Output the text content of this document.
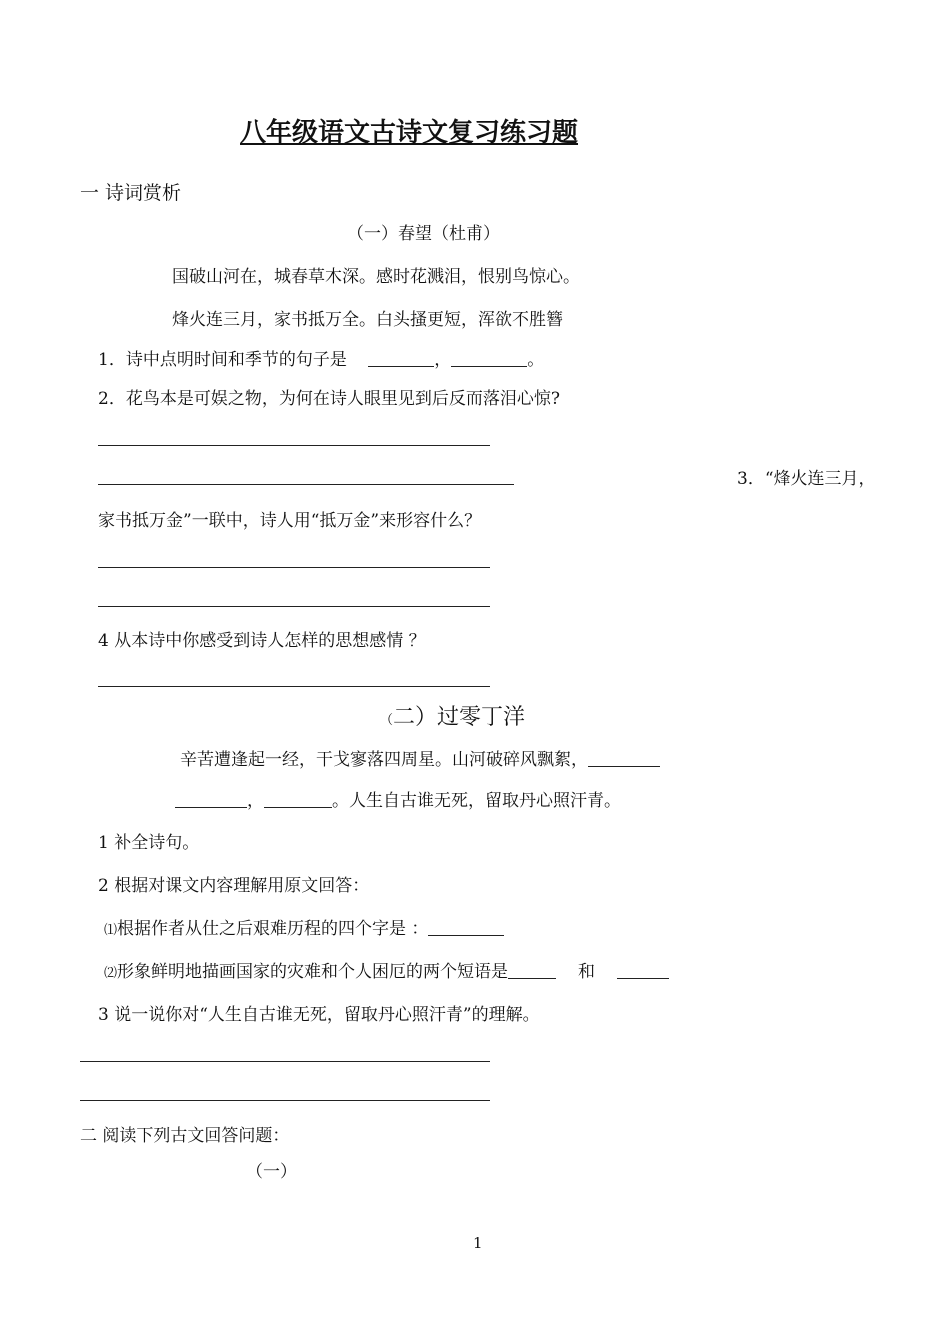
八年级语文古诗文复习练习题
一 诗词赏析
（一）春望（杜甫）
国破山河在，城春草木深。感时花溅泪，恨别鸟惊心。
烽火连三月，家书抵万全。白头搔更短，浑欲不胜簪
1．诗中点明时间和季节的句子是	，	。
2．花鸟本是可娱之物，为何在诗人眼里见到后反而落泪心惊?
3．“烽火连三月，
家书抵万金”一联中，诗人用“抵万金”来形容什么？
4 从本诗中你感受到诗人怎样的思想感情 ？
（二）过零丁洋
辛苦遭逢起一经，干戈寥落四周星。山河破碎风飘絮，
，	。人生自古谁无死，留取丹心照汗青。
1 补全诗句。
2 根据对课文内容理解用原文回答：
⑴根据作者从仕之后艰难历程的四个字是 ：
⑵形象鲜明地描画国家的灾难和个人困厄的两个短语是	和
3 说一说你对“人生自古谁无死，留取丹心照汗青”的理解。
二 阅读下列古文回答问题：
（一）
1
